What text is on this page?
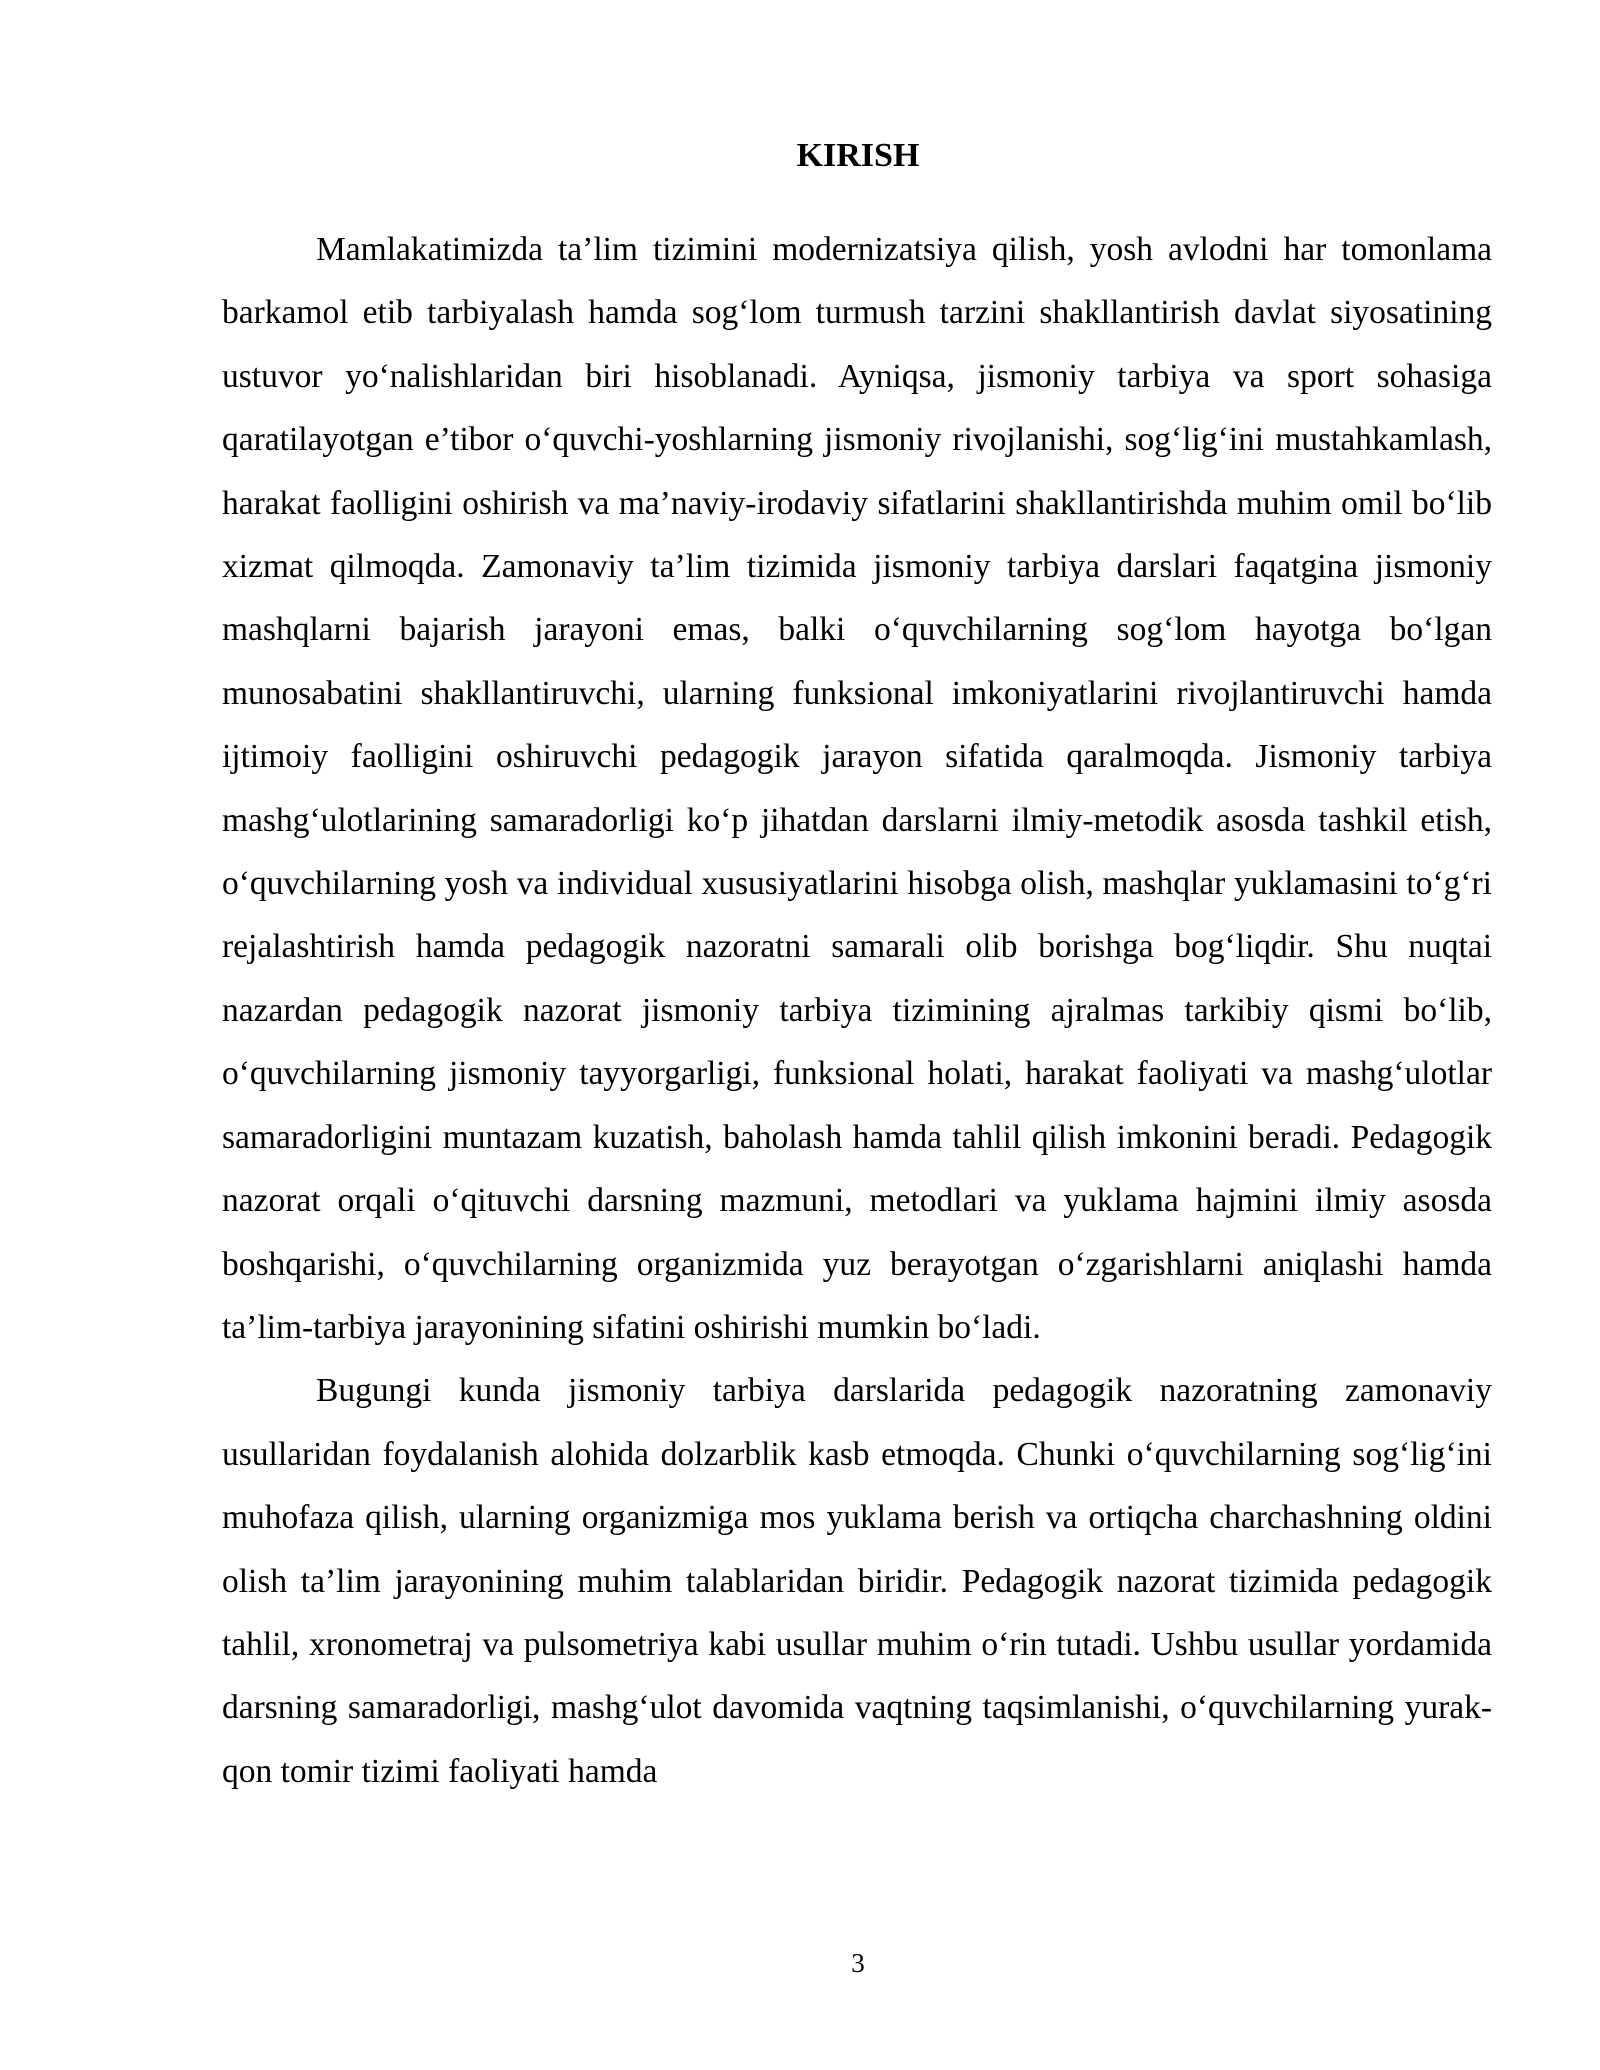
KIRISH

Mamlakatimizda ta’lim tizimini modernizatsiya qilish, yosh avlodni har tomonlama barkamol etib tarbiyalash hamda sog‘lom turmush tarzini shakllantirish davlat siyosatining ustuvor yo‘nalishlaridan biri hisoblanadi. Ayniqsa, jismoniy tarbiya va sport sohasiga qaratilayotgan e’tibor o‘quvchi-yoshlarning jismoniy rivojlanishi, sog‘lig‘ini mustahkamlash, harakat faolligini oshirish va ma’naviy-irodaviy sifatlarini shakllantirishda muhim omil bo‘lib xizmat qilmoqda. Zamonaviy ta’lim tizimida jismoniy tarbiya darslari faqatgina jismoniy mashqlarni bajarish jarayoni emas, balki o‘quvchilarning sog‘lom hayotga bo‘lgan munosabatini shakllantiruvchi, ularning funksional imkoniyatlarini rivojlantiruvchi hamda ijtimoiy faolligini oshiruvchi pedagogik jarayon sifatida qaralmoqda. Jismoniy tarbiya mashg‘ulotlarining samaradorligi ko‘p jihatdan darslarni ilmiy-metodik asosda tashkil etish, o‘quvchilarning yosh va individual xususiyatlarini hisobga olish, mashqlar yuklamasini to‘g‘ri rejalashtirish hamda pedagogik nazoratni samarali olib borishga bog‘liqdir. Shu nuqtai nazardan pedagogik nazorat jismoniy tarbiya tizimining ajralmas tarkibiy qismi bo‘lib, o‘quvchilarning jismoniy tayyorgarligi, funksional holati, harakat faoliyati va mashg‘ulotlar samaradorligini muntazam kuzatish, baholash hamda tahlil qilish imkonini beradi. Pedagogik nazorat orqali o‘qituvchi darsning mazmuni, metodlari va yuklama hajmini ilmiy asosda boshqarishi, o‘quvchilarning organizmida yuz berayotgan o‘zgarishlarni aniqlashi hamda ta’lim-tarbiya jarayonining sifatini oshirishi mumkin bo‘ladi.

Bugungi kunda jismoniy tarbiya darslarida pedagogik nazoratning zamonaviy usullaridan foydalanish alohida dolzarblik kasb etmoqda. Chunki o‘quvchilarning sog‘lig‘ini muhofaza qilish, ularning organizmiga mos yuklama berish va ortiqcha charchashning oldini olish ta’lim jarayonining muhim talablaridan biridir. Pedagogik nazorat tizimida pedagogik tahlil, xronometraj va pulsometriya kabi usullar muhim o‘rin tutadi. Ushbu usullar yordamida darsning samaradorligi, mashg‘ulot davomida vaqtning taqsimlanishi, o‘quvchilarning yurak-qon tomir tizimi faoliyati hamda

3
